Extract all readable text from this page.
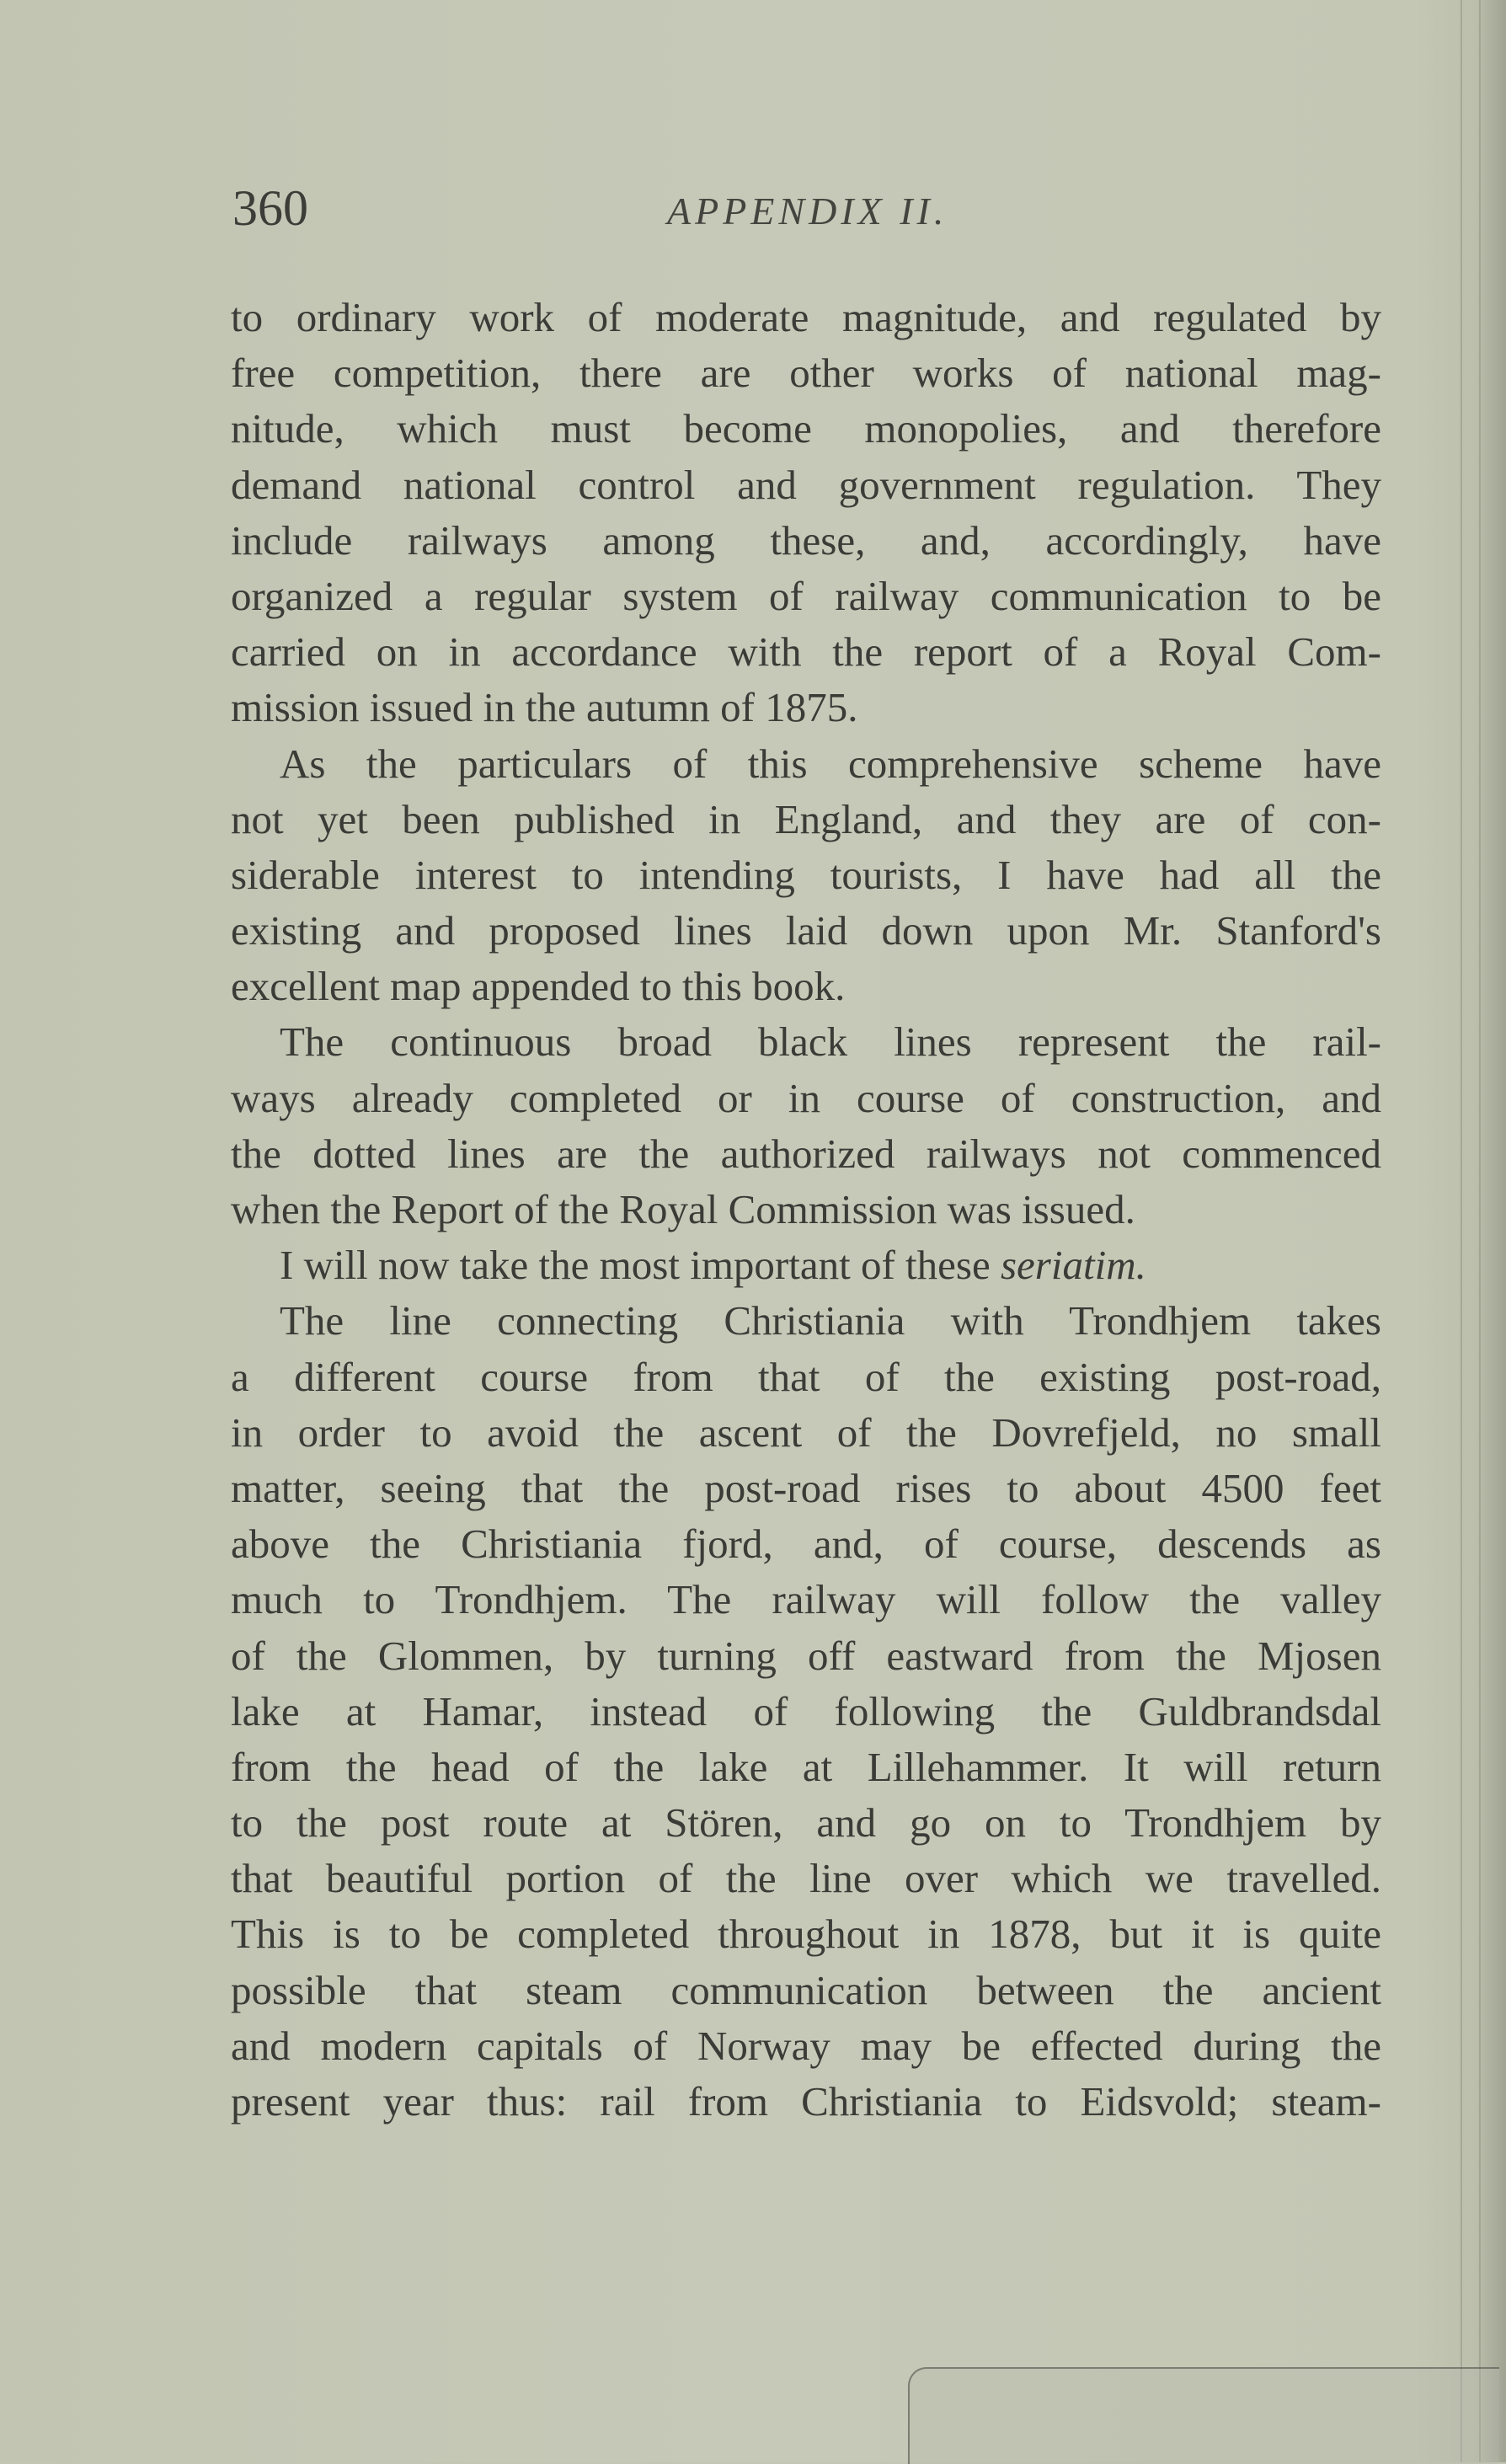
360	APPENDIX II.
to ordinary work of moderate magnitude, and regulated by
free competition, there are other works of national mag-
nitude, which must become monopolies, and therefore
demand national control and government regulation. They
include railways among these, and, accordingly, have
organized a regular system of railway communication to be
carried on in accordance with the report of a Royal Com-
mission issued in the autumn of 1875.
As the particulars of this comprehensive scheme have
not yet been published in England, and they are of con-
siderable interest to intending tourists, I have had all the
existing and proposed lines laid down upon Mr. Stanford's
excellent map appended to this book.
The continuous broad black lines represent the rail-
ways already completed or in course of construction, and
the dotted lines are the authorized railways not commenced
when the Report of the Royal Commission was issued.
I will now take the most important of these seriatim.
The line connecting Christiania with Trondhjem takes
a different course from that of the existing post-road,
in order to avoid the ascent of the Dovrefjeld, no small
matter, seeing that the post-road rises to about 4500 feet
above the Christiania fjord, and, of course, descends as
much to Trondhjem. The railway will follow the valley
of the Glommen, by turning off eastward from the Mjosen
lake at Hamar, instead of following the Guldbrandsdal
from the head of the lake at Lillehammer. It will return
to the post route at Stören, and go on to Trondhjem by
that beautiful portion of the line over which we travelled.
This is to be completed throughout in 1878, but it is quite
possible that steam communication between the ancient
and modern capitals of Norway may be effected during the
present year thus: rail from Christiania to Eidsvold; steam-
